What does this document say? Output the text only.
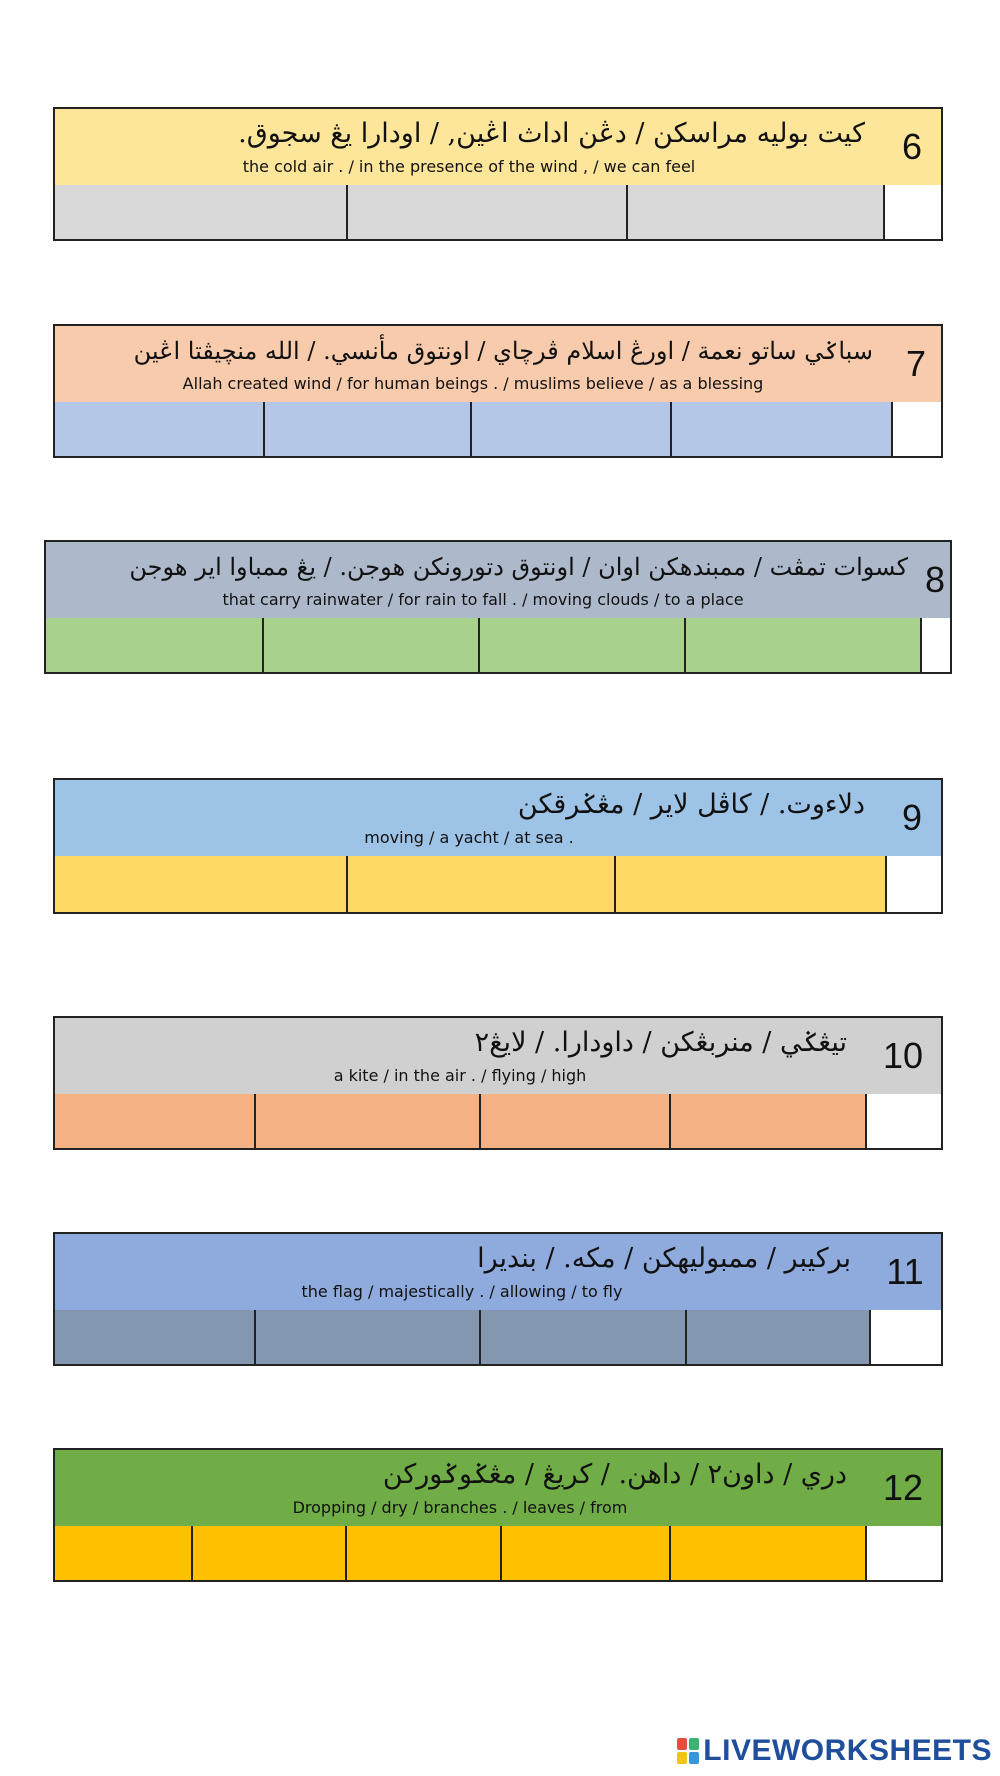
كيت بوليه مراسكن / دڠن اداث اڠين, / اودارا يڠ سجوق.
the cold air . / in the presence of the wind , / we can feel	6
سباݢي ساتو نعمة / اورڠ اسلام ڤرچاي / اونتوق مأنسي. / الله منچيڤتا اڠين
Allah created wind / for human beings . / muslims believe / as a blessing	7
كسوات تمڤت / ممبندهكن اوان / اونتوق دتورونكن هوجن. / يڠ ممباوا اير هوجن
that carry rainwater / for rain to fall . / moving clouds / to a place	8
دلاءوت. / كاڤل لاير / مڠݢرقكن
moving / a yacht / at sea .	9
تيڠݢي / منربڠكن / داودارا. / لايڠ٢
a kite / in the air . / flying / high	10
بركيبر / ممبوليهكن / مكه. / بنديرا
the flag / majestically . / allowing / to fly	11
دري / داون٢ / داهن. / كريڠ / مڠݢوݢوركن
Dropping / dry / branches . / leaves / from	12
LIVEWORKSHEETS
